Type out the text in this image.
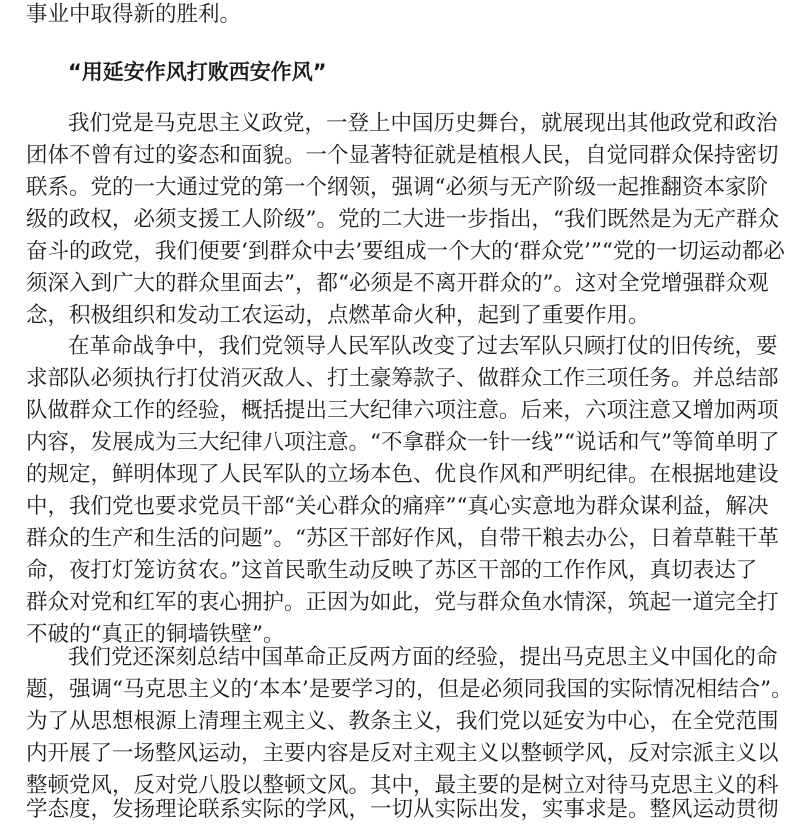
事业中取得新的胜利。
“用延安作风打败西安作风”
我们党是马克思主义政党，一登上中国历史舞台，就展现出其他政党和政治
团体不曾有过的姿态和面貌。一个显著特征就是植根人民，自觉同群众保持密切
联系。党的一大通过党的第一个纲领，强调“必须与无产阶级一起推翻资本家阶
级的政权，必须支援工人阶级”。党的二大进一步指出，“我们既然是为无产群众
奋斗的政党，我们便要‘到群众中去’要组成一个大的‘群众党’”“党的一切运动都必
须深入到广大的群众里面去”，都“必须是不离开群众的”。这对全党增强群众观
念，积极组织和发动工农运动，点燃革命火种，起到了重要作用。
在革命战争中，我们党领导人民军队改变了过去军队只顾打仗的旧传统，要
求部队必须执行打仗消灭敌人、打土豪筹款子、做群众工作三项任务。并总结部
队做群众工作的经验，概括提出三大纪律六项注意。后来，六项注意又增加两项
内容，发展成为三大纪律八项注意。“不拿群众一针一线”“说话和气”等简单明了
的规定，鲜明体现了人民军队的立场本色、优良作风和严明纪律。在根据地建设
中，我们党也要求党员干部“关心群众的痛痒”“真心实意地为群众谋利益，解决
群众的生产和生活的问题”。“苏区干部好作风，自带干粮去办公，日着草鞋干革
命，夜打灯笼访贫农。”这首民歌生动反映了苏区干部的工作作风，真切表达了
群众对党和红军的衷心拥护。正因为如此，党与群众鱼水情深，筑起一道完全打
不破的“真正的铜墙铁壁”。
我们党还深刻总结中国革命正反两方面的经验，提出马克思主义中国化的命
题，强调“马克思主义的‘本本’是要学习的，但是必须同我国的实际情况相结合”。
为了从思想根源上清理主观主义、教条主义，我们党以延安为中心，在全党范围
内开展了一场整风运动，主要内容是反对主观主义以整顿学风，反对宗派主义以
整顿党风，反对党八股以整顿文风。其中，最主要的是树立对待马克思主义的科
学态度，发扬理论联系实际的学风，一切从实际出发，实事求是。整风运动贯彻
